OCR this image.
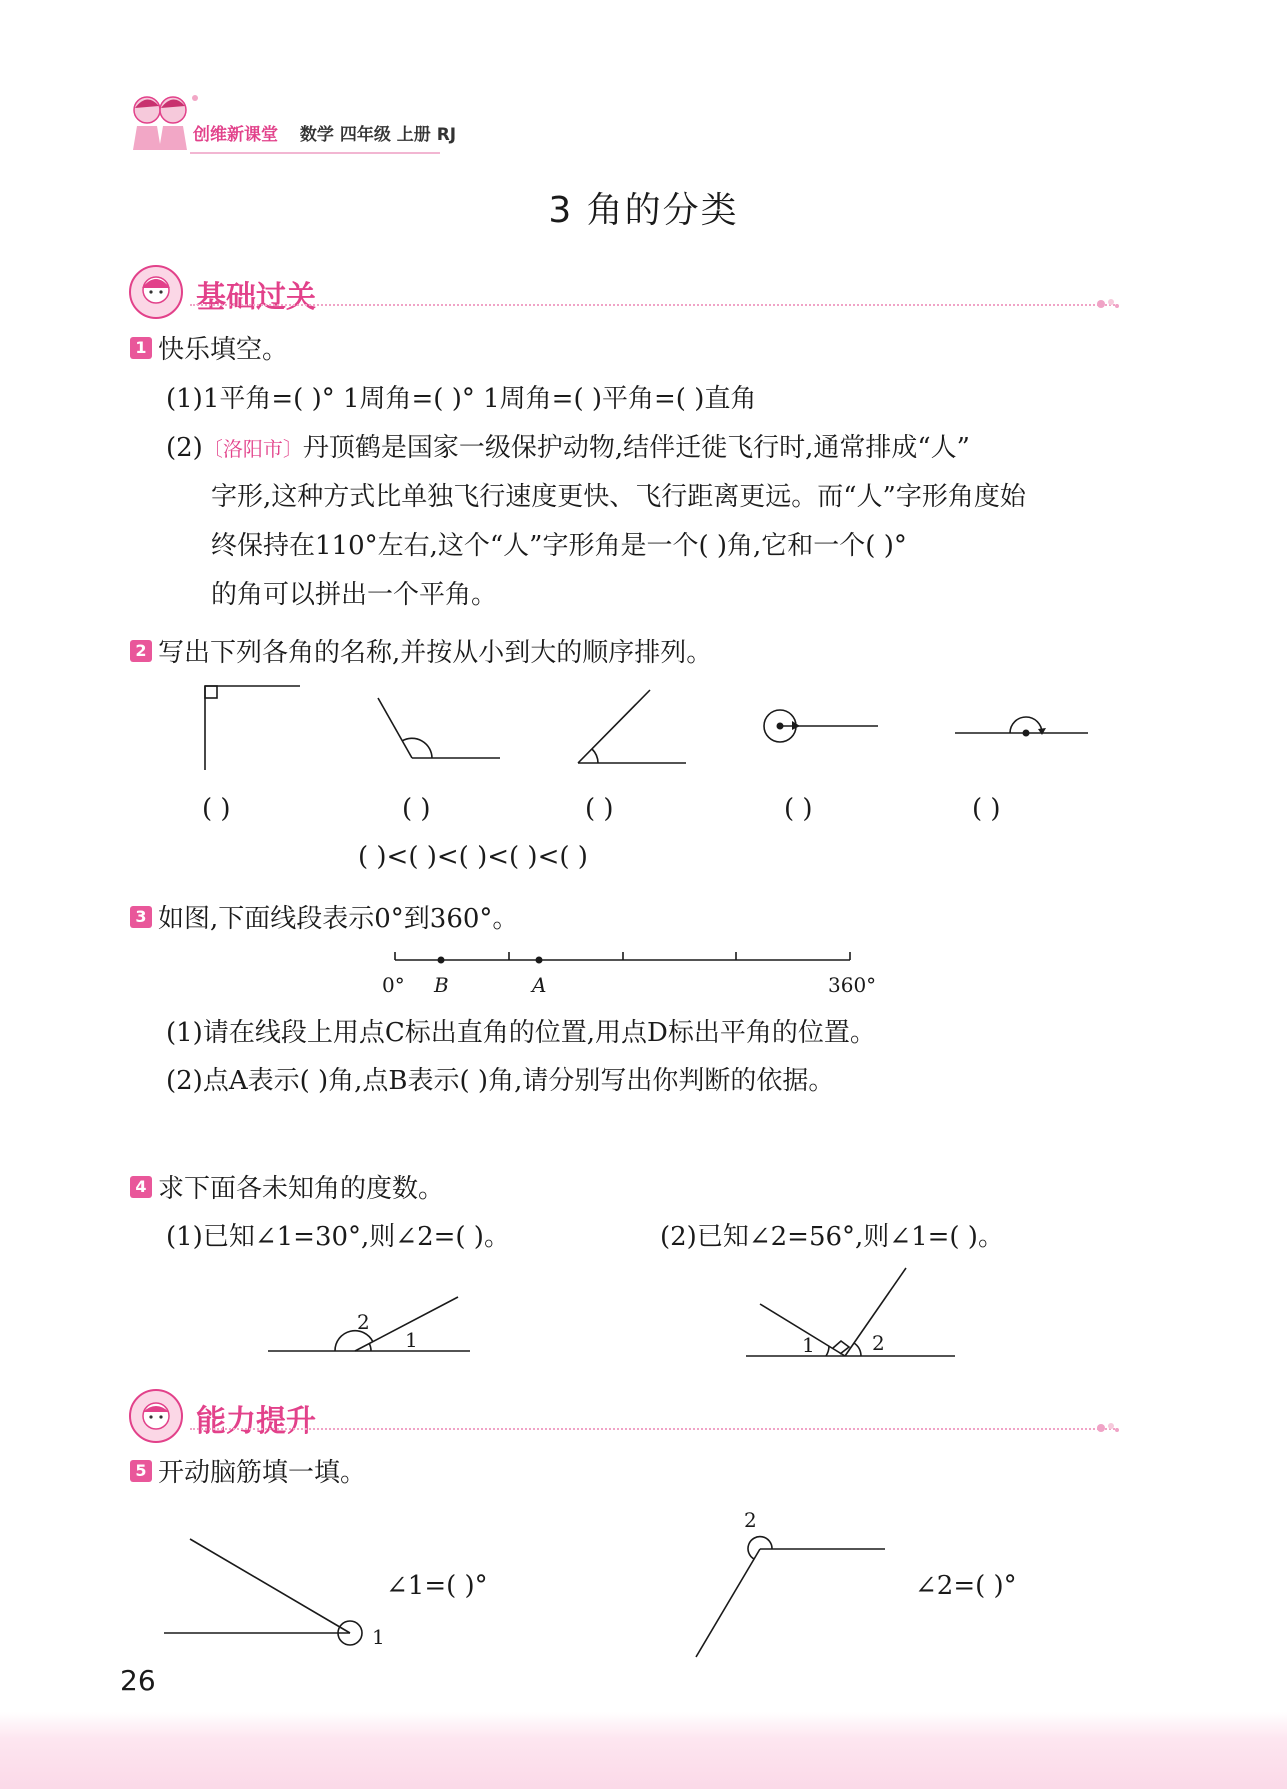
创维新课堂 数学 四年级 上册 RJ
3 角的分类
基础过关
1 快乐填空。
(1)1平角=( )° 1周角=( )° 1周角=( )平角=( )直角
(2)〔洛阳市〕丹顶鹤是国家一级保护动物,结伴迁徙飞行时,通常排成“人”
字形,这种方式比单独飞行速度更快、飞行距离更远。而“人”字形角度始
终保持在110°左右,这个“人”字形角是一个( )角,它和一个( )°
的角可以拼出一个平角。
2 写出下列各角的名称,并按从小到大的顺序排列。
( )	( )	( )	( )	( )
( )<( )<( )<( )<( )
3 如图,下面线段表示0°到360°。
0° B	A	360°
(1)请在线段上用点C标出直角的位置,用点D标出平角的位置。
(2)点A表示( )角,点B表示( )角,请分别写出你判断的依据。
4 求下面各未知角的度数。
(1)已知∠1=30°,则∠2=( )。	(2)已知∠2=56°,则∠1=( )。
2
1	1	2
能力提升
5 开动脑筋填一填。
1
∠1=( )°
2
∠2=( )°
26
